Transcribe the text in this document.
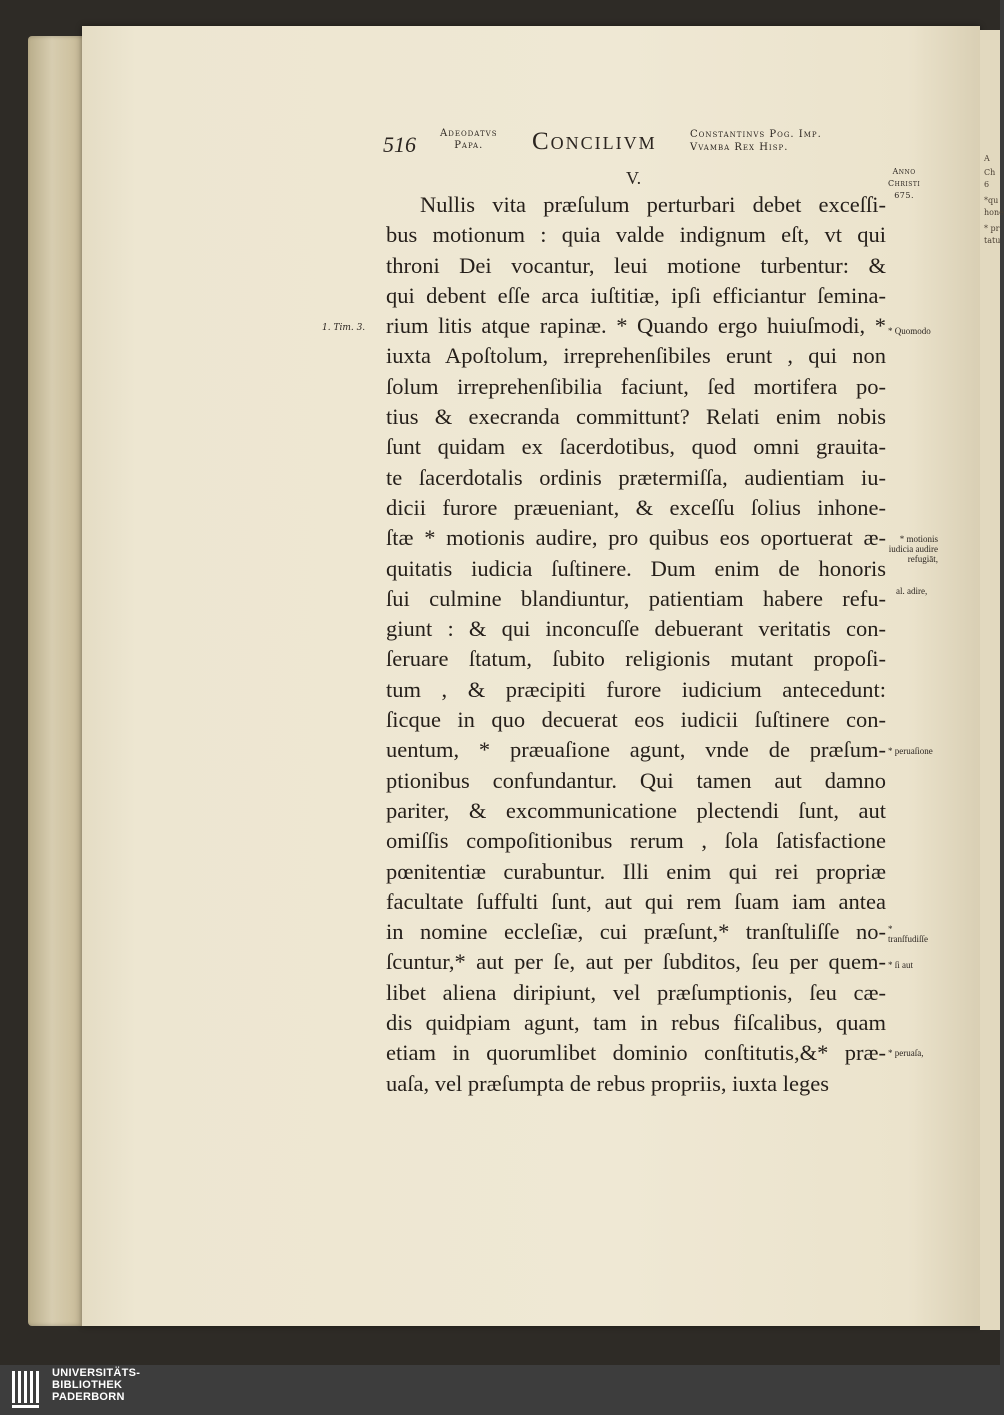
A
Ch
6
*qu
hone
* pr
tatu
516 Adeodatvs
Papa.	Concilivm	Constantinvs Pog. Imp.
Vvamba Rex Hisp.
V.	Anno
Christi
675.
1. Tim. 3.
Nullis vita præſulum perturbari debet exceſſi-
bus motionum : quia valde indignum eſt, vt qui
throni Dei vocantur, leui motione turbentur: &
qui debent eſſe arca iuſtitiæ, ipſi efficiantur ſemina-
rium litis atque rapinæ. * Quando ergo huiuſmodi, *
iuxta Apoſtolum, irreprehenſibiles erunt , qui non
ſolum irreprehenſibilia faciunt, ſed mortifera po-
tius & execranda committunt? Relati enim nobis
ſunt quidam ex ſacerdotibus, quod omni grauita-
te ſacerdotalis ordinis prætermiſſa, audientiam iu-
dicii furore præueniant, & exceſſu ſolius inhone-
ſtæ * motionis audire, pro quibus eos oportuerat æ-
quitatis iudicia ſuſtinere. Dum enim de honoris
ſui culmine blandiuntur, patientiam habere refu-
giunt : & qui inconcuſſe debuerant veritatis con-
ſeruare ſtatum, ſubito religionis mutant propoſi-
tum , & præcipiti furore iudicium antecedunt:
ſicque in quo decuerat eos iudicii ſuſtinere con-
uentum, * præuaſione agunt, vnde de præſum-
ptionibus confundantur. Qui tamen aut damno
pariter, & excommunicatione plectendi ſunt, aut
omiſſis compoſitionibus rerum , ſola ſatisfactione
pœnitentiæ curabuntur. Illi enim qui rei propriæ
facultate ſuffulti ſunt, aut qui rem ſuam iam antea
in nomine eccleſiæ, cui præſunt,* tranſtuliſſe no-
ſcuntur,* aut per ſe, aut per ſubditos, ſeu per quem-
libet aliena diripiunt, vel præſumptionis, ſeu cæ-
dis quidpiam agunt, tam in rebus fiſcalibus, quam
etiam in quorumlibet dominio conſtitutis,&* præ-
uaſa, vel præſumpta de rebus propriis, iuxta leges
* Quomodo
* motionis iudicia audire refugiāt,
al. adire,
* peruaſione
* tranſfudiſſe
* ſi aut
* peruaſa,
UNIVERSITÄTS-
BIBLIOTHEK
PADERBORN
